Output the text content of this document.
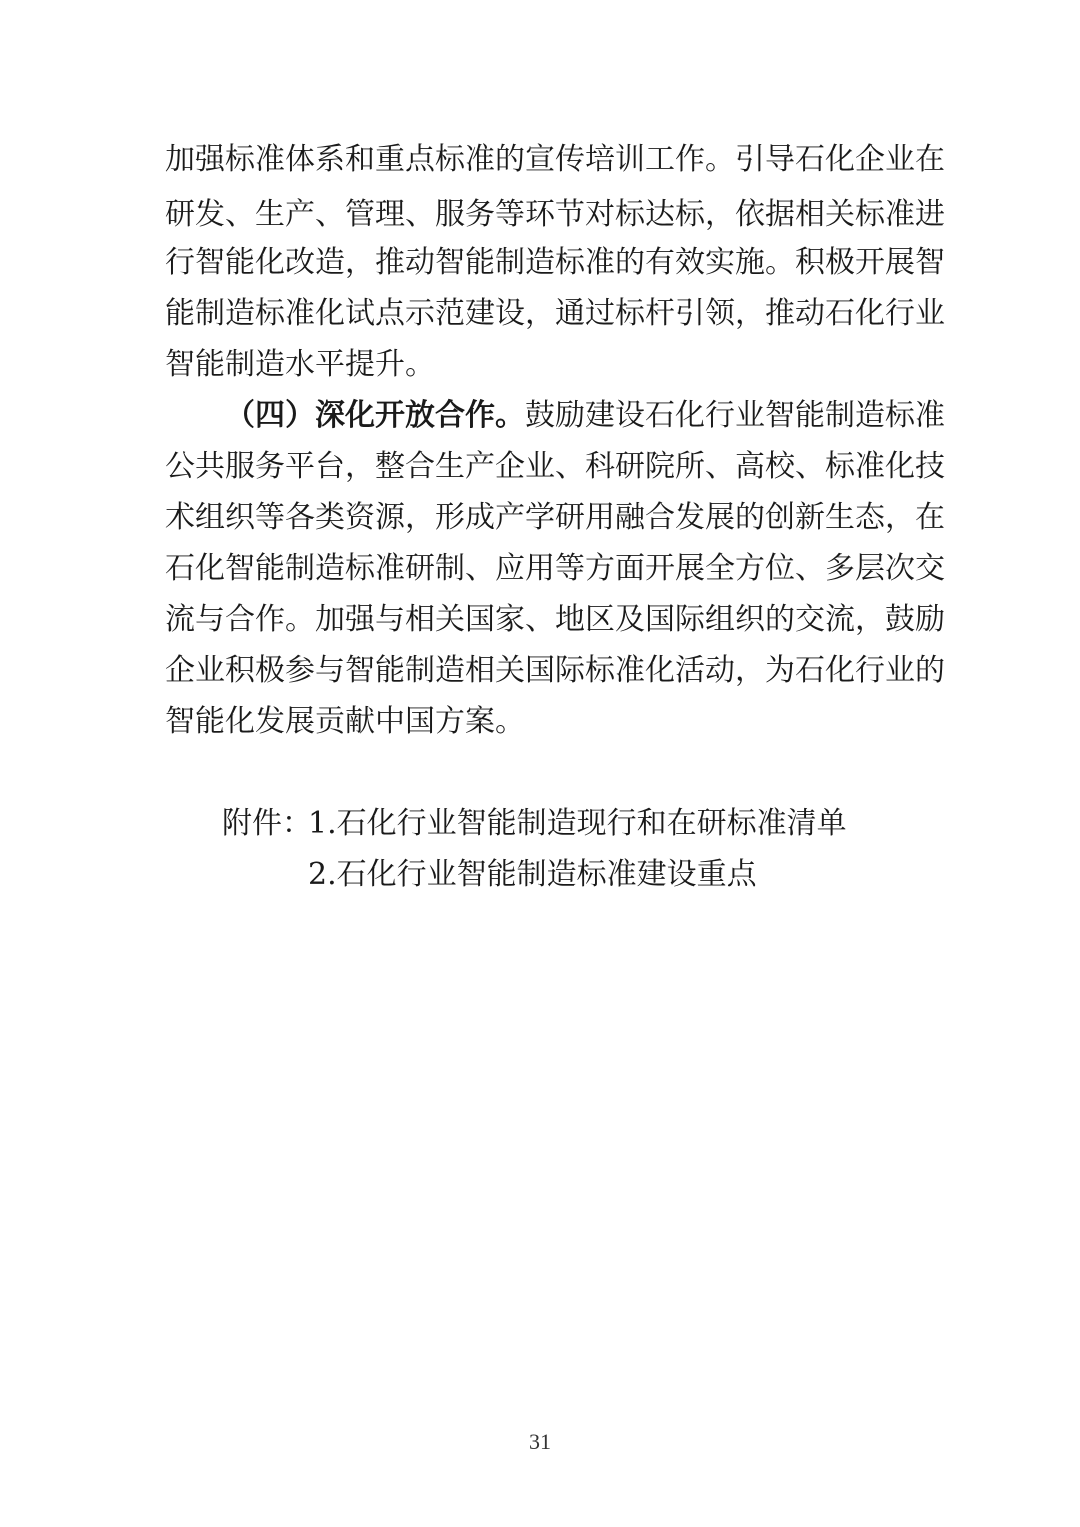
加强标准体系和重点标准的宣传培训工作。引导石化企业在
研发、生产、管理、服务等环节对标达标，依据相关标准进
行智能化改造，推动智能制造标准的有效实施。积极开展智
能制造标准化试点示范建设，通过标杆引领，推动石化行业
智能制造水平提升。
（四）深化开放合作。鼓励建设石化行业智能制造标准
公共服务平台，整合生产企业、科研院所、高校、标准化技
术组织等各类资源，形成产学研用融合发展的创新生态，在
石化智能制造标准研制、应用等方面开展全方位、多层次交
流与合作。加强与相关国家、地区及国际组织的交流，鼓励
企业积极参与智能制造相关国际标准化活动，为石化行业的
智能化发展贡献中国方案。
附件：
1.石化行业智能制造现行和在研标准清单
2.石化行业智能制造标准建设重点
31
